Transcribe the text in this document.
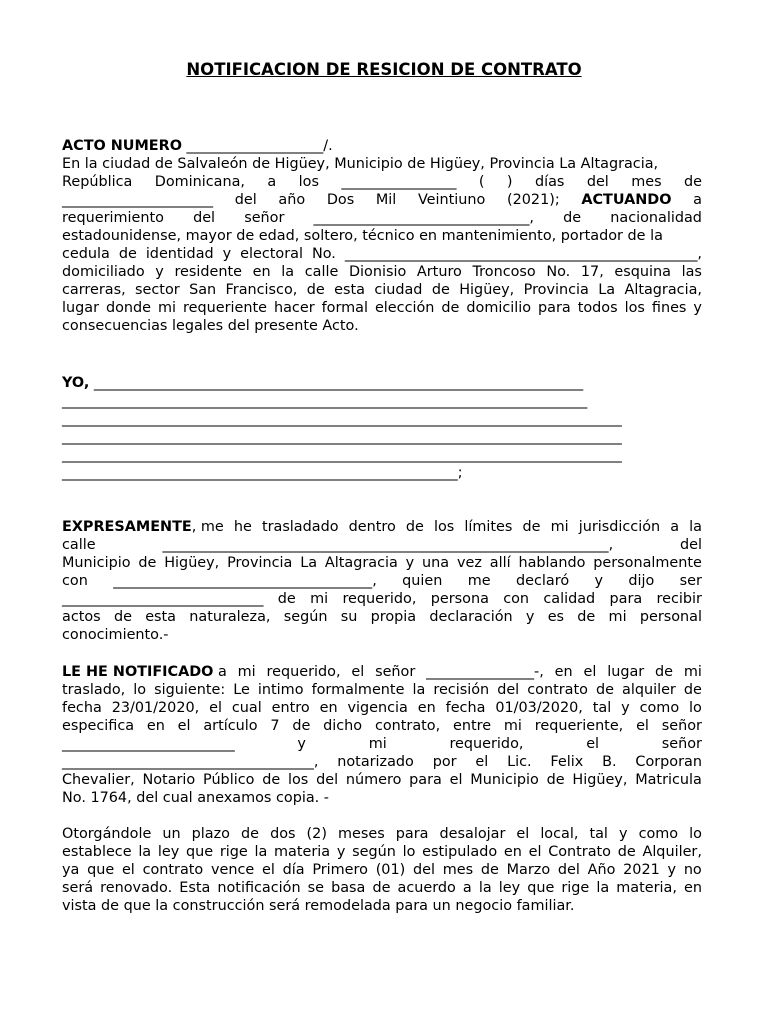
NOTIFICACION DE RESICION DE CONTRATO

ACTO NUMERO ___________________/.

En la ciudad de Salvaleón de Higüey, Municipio de Higüey, Provincia La Altagracia,

República Dominicana, a los ________________ ( ) días del mes de
_____________________ del año Dos Mil Veintiuno (2021); ACTUANDO a
requerimiento del señor ______________________________, de nacionalidad

estadounidense, mayor de edad, soltero, técnico en mantenimiento, portador de la

cedula de identidad y electoral No. _________________________________________________,
domiciliado y residente en la calle Dionisio Arturo Troncoso No. 17, esquina las
carreras, sector San Francisco, de esta ciudad de Higüey, Provincia La Altagracia,
lugar donde mi requeriente hacer formal elección de domicilio para todos los fines y

consecuencias legales del presente Acto.

YO, ____________________________________________________________________

_________________________________________________________________________

________________________________________________________________________________

________________________________________________________________________________

________________________________________________________________________________

_______________________________________________________;

EXPRESAMENTE, me he trasladado dentro de los límites de mi jurisdicción a la
calle	______________________________________________________________,	del
Municipio de Higüey, Provincia La Altagracia y una vez allí hablando personalmente
con ____________________________________, quien me declaró y dijo ser
____________________________ de mi requerido, persona con calidad para recibir
actos de esta naturaleza, según su propia declaración y es de mi personal

conocimiento.-

LE HE NOTIFICADO a mi requerido, el señor _______________-, en el lugar de mi
traslado, lo siguiente: Le intimo formalmente la recisión del contrato de alquiler de
fecha 23/01/2020, el cual entro en vigencia en fecha 01/03/2020, tal y como lo
especifica en el artículo 7 de dicho contrato, entre mi requeriente, el señor
________________________	y	mi	requerido,	el	señor
___________________________________, notarizado por el Lic. Felix B. Corporan
Chevalier, Notario Público de los del número para el Municipio de Higüey, Matricula

No. 1764, del cual anexamos copia. -

Otorgándole un plazo de dos (2) meses para desalojar el local, tal y como lo
establece la ley que rige la materia y según lo estipulado en el Contrato de Alquiler,
ya que el contrato vence el día Primero (01) del mes de Marzo del Año 2021 y no
será renovado. Esta notificación se basa de acuerdo a la ley que rige la materia, en

vista de que la construcción será remodelada para un negocio familiar.
